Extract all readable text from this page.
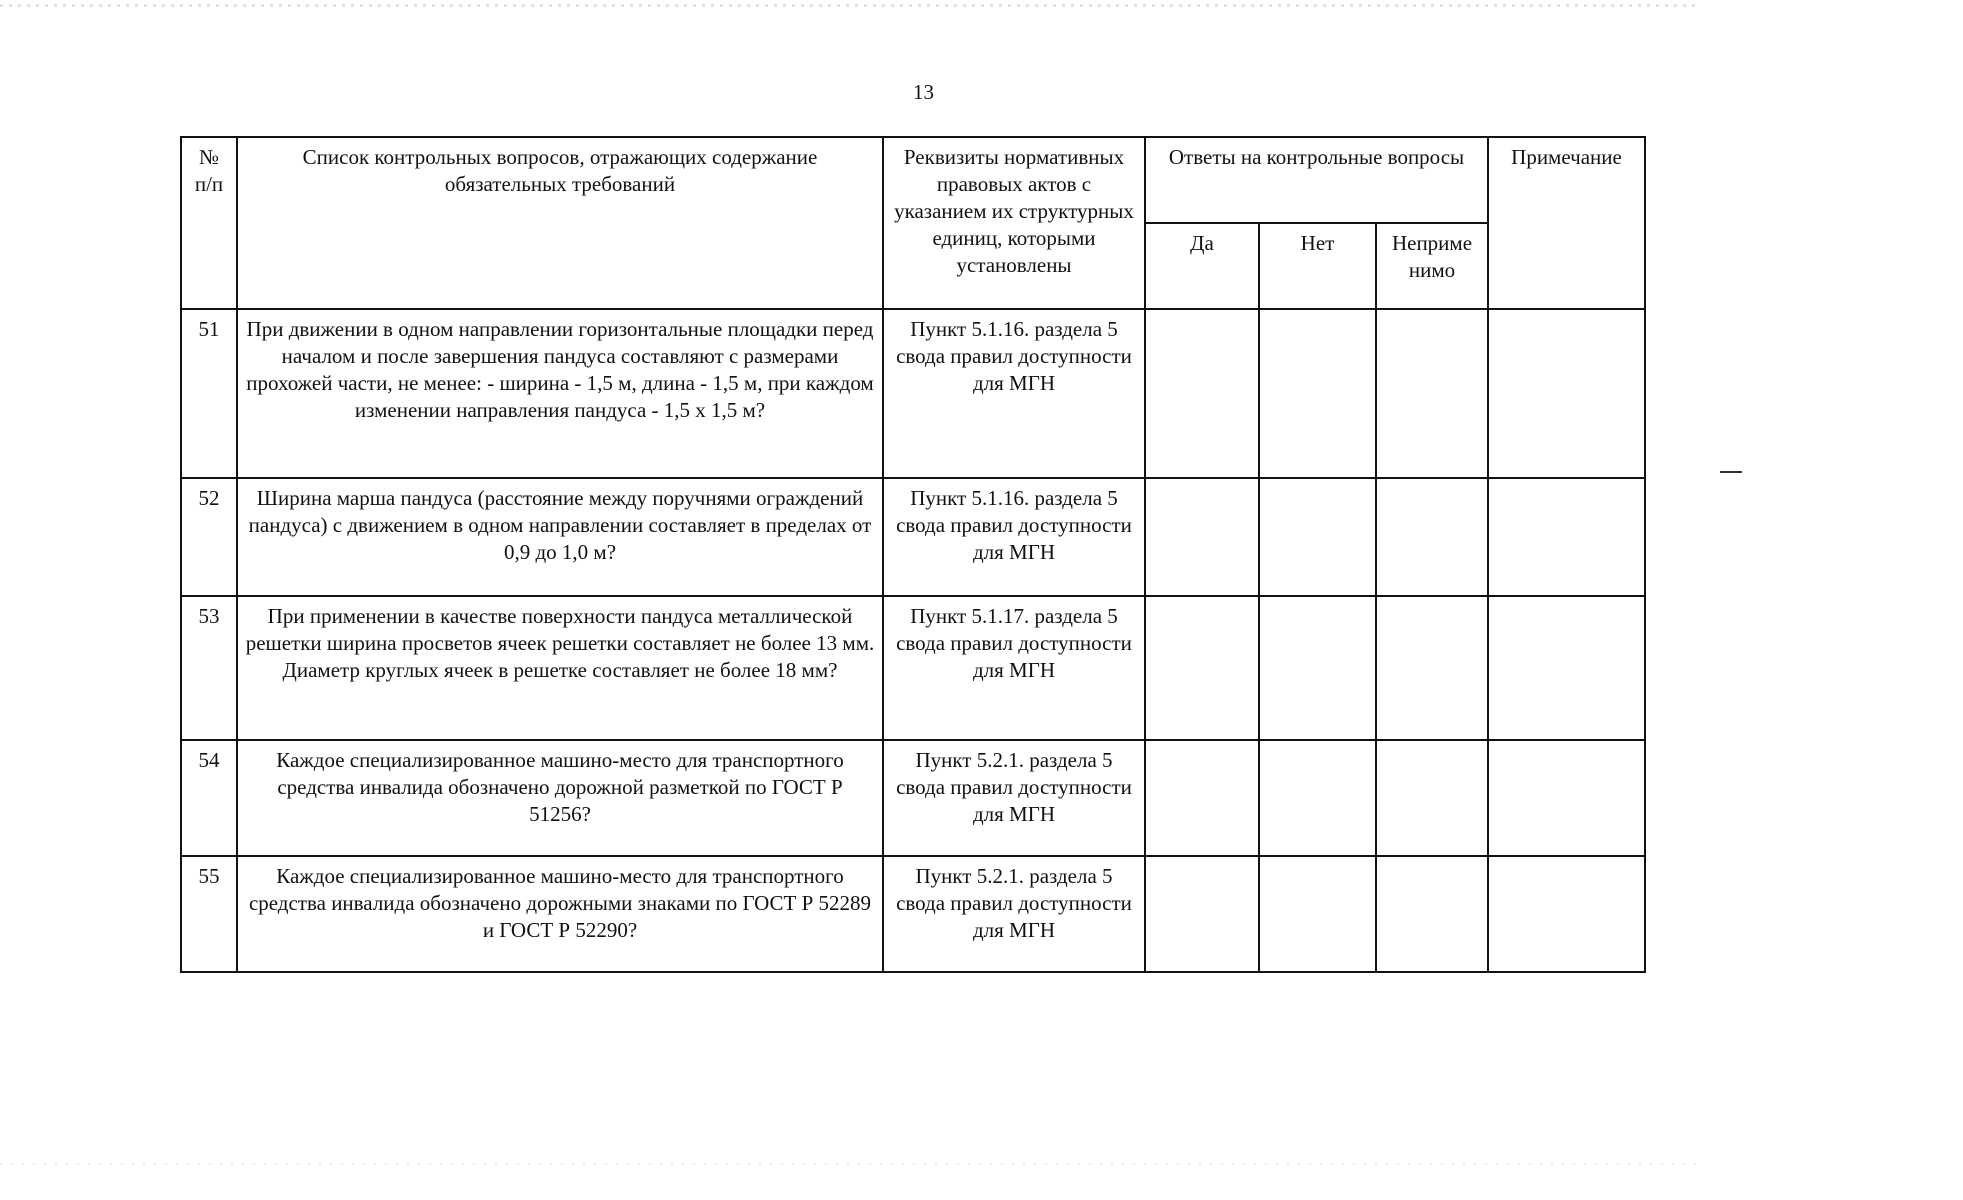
13
№ п/п	Список контрольных вопросов, отражающих содержание обязательных требований	Реквизиты нормативных правовых актов с указанием их структурных единиц, которыми установлены	Ответы на контрольные вопросы			Примечание
			Да	Нет	Неприме нимо	
51	При движении в одном направлении горизонтальные площадки перед началом и после завершения пандуса составляют с размерами прохожей части, не менее: - ширина - 1,5 м, длина - 1,5 м, при каждом изменении направления пандуса - 1,5 х 1,5 м?	Пункт 5.1.16. раздела 5 свода правил доступности для МГН				
52	Ширина марша пандуса (расстояние между поручнями ограждений пандуса) с движением в одном направлении составляет в пределах от 0,9 до 1,0 м?	Пункт 5.1.16. раздела 5 свода правил доступности для МГН				
53	При применении в качестве поверхности пандуса металлической решетки ширина просветов ячеек решетки составляет не более 13 мм. Диаметр круглых ячеек в решетке составляет не более 18 мм?	Пункт 5.1.17. раздела 5 свода правил доступности для МГН				
54	Каждое специализированное машино-место для транспортного средства инвалида обозначено дорожной разметкой по ГОСТ Р 51256?	Пункт 5.2.1. раздела 5 свода правил доступности для МГН				
55	Каждое специализированное машино-место для транспортного средства инвалида обозначено дорожными знаками по ГОСТ Р 52289 и ГОСТ Р 52290?	Пункт 5.2.1. раздела 5 свода правил доступности для МГН				
